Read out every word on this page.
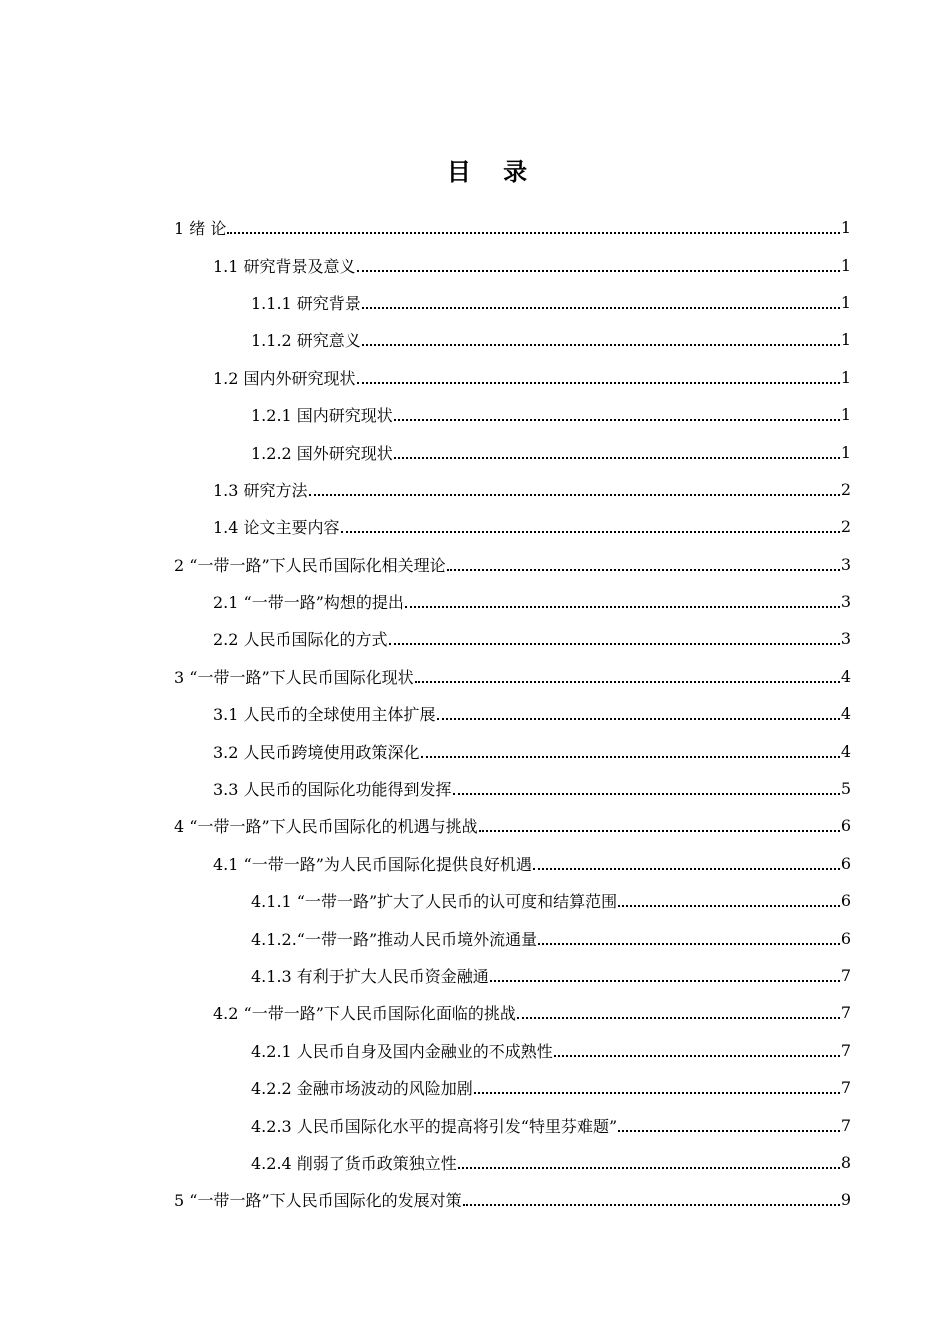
目 录
1 绪 论	1
1.1 研究背景及意义	1
1.1.1 研究背景	1
1.1.2 研究意义	1
1.2 国内外研究现状	1
1.2.1 国内研究现状	1
1.2.2 国外研究现状	1
1.3 研究方法	2
1.4 论文主要内容	2
2 “一带一路”下人民币国际化相关理论	3
2.1 “一带一路”构想的提出	3
2.2 人民币国际化的方式	3
3 “一带一路”下人民币国际化现状	4
3.1 人民币的全球使用主体扩展	4
3.2 人民币跨境使用政策深化	4
3.3 人民币的国际化功能得到发挥	5
4 “一带一路”下人民币国际化的机遇与挑战	6
4.1 “一带一路”为人民币国际化提供良好机遇	6
4.1.1 “一带一路”扩大了人民币的认可度和结算范围	6
4.1.2.“一带一路”推动人民币境外流通量	6
4.1.3 有利于扩大人民币资金融通	7
4.2 “一带一路”下人民币国际化面临的挑战	7
4.2.1 人民币自身及国内金融业的不成熟性	7
4.2.2 金融市场波动的风险加剧	7
4.2.3 人民币国际化水平的提高将引发“特里芬难题”	7
4.2.4 削弱了货币政策独立性	8
5 “一带一路”下人民币国际化的发展对策	9
